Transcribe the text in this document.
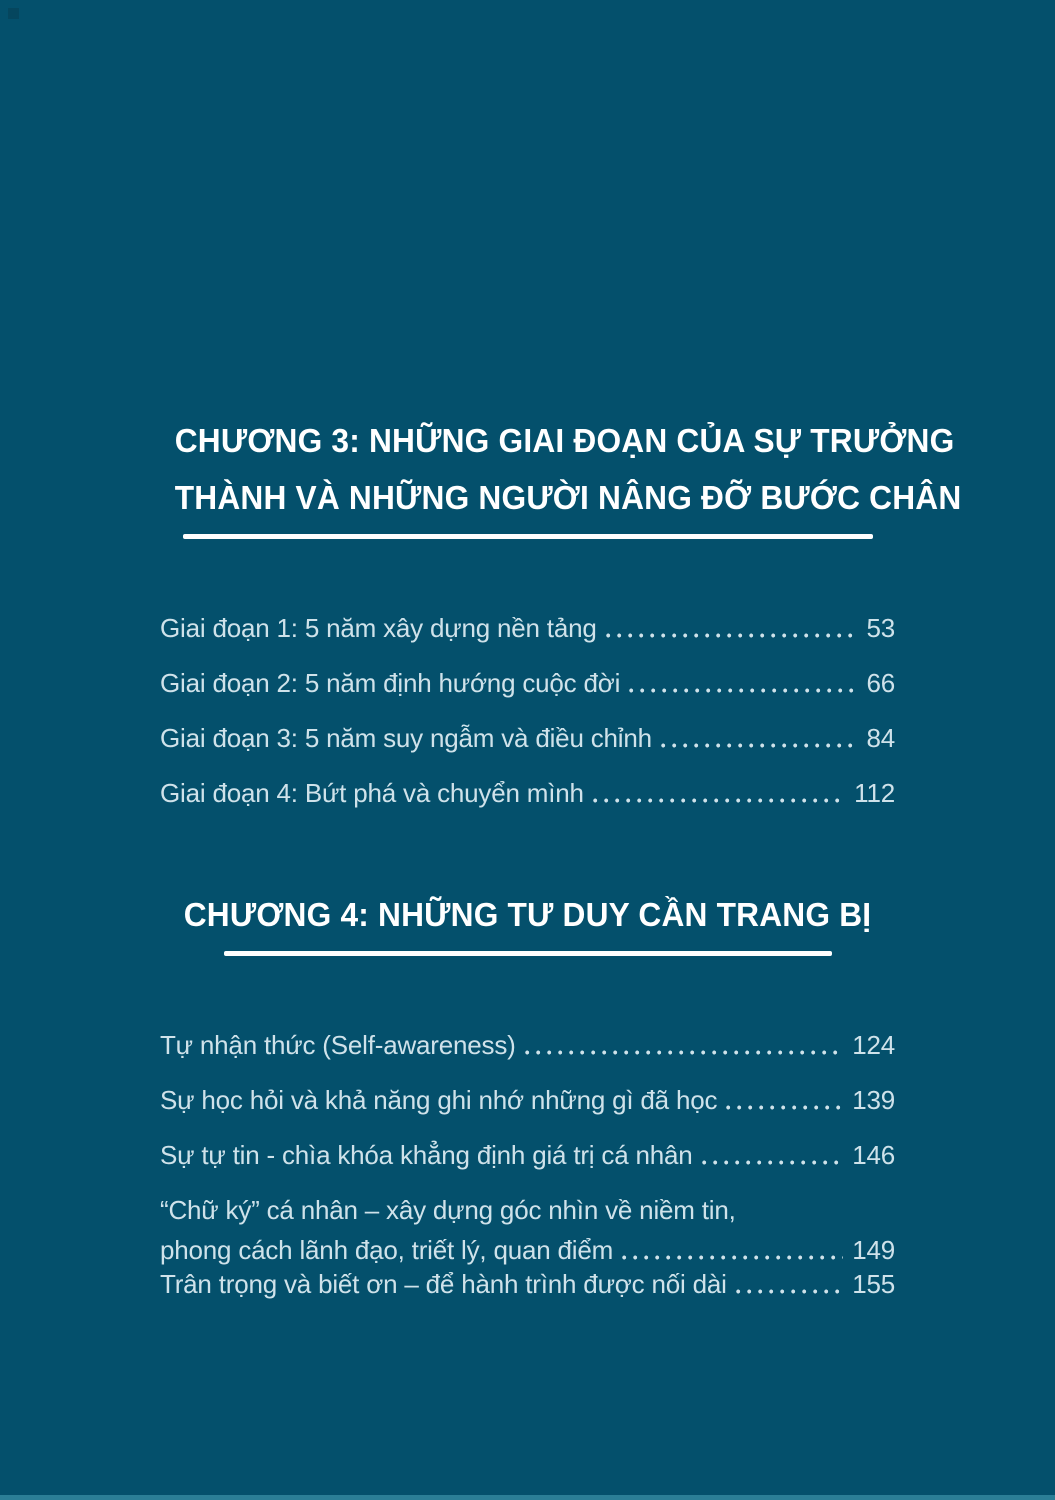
CHƯƠNG 3: NHỮNG GIAI ĐOẠN CỦA SỰ TRƯỞNG
THÀNH VÀ NHỮNG NGƯỜI NÂNG ĐỠ BƯỚC CHÂN
Giai đoạn 1: 5 năm xây dựng nền tảng	53
Giai đoạn 2: 5 năm định hướng cuộc đời	66
Giai đoạn 3: 5 năm suy ngẫm và điều chỉnh	84
Giai đoạn 4: Bứt phá và chuyển mình	112
CHƯƠNG 4: NHỮNG TƯ DUY CẦN TRANG BỊ
Tự nhận thức (Self-awareness)	124
Sự học hỏi và khả năng ghi nhớ những gì đã học	139
Sự tự tin - chìa khóa khẳng định giá trị cá nhân	146
“Chữ ký” cá nhân – xây dựng góc nhìn về niềm tin,
phong cách lãnh đạo, triết lý, quan điểm	149
Trân trọng và biết ơn – để hành trình được nối dài	155
